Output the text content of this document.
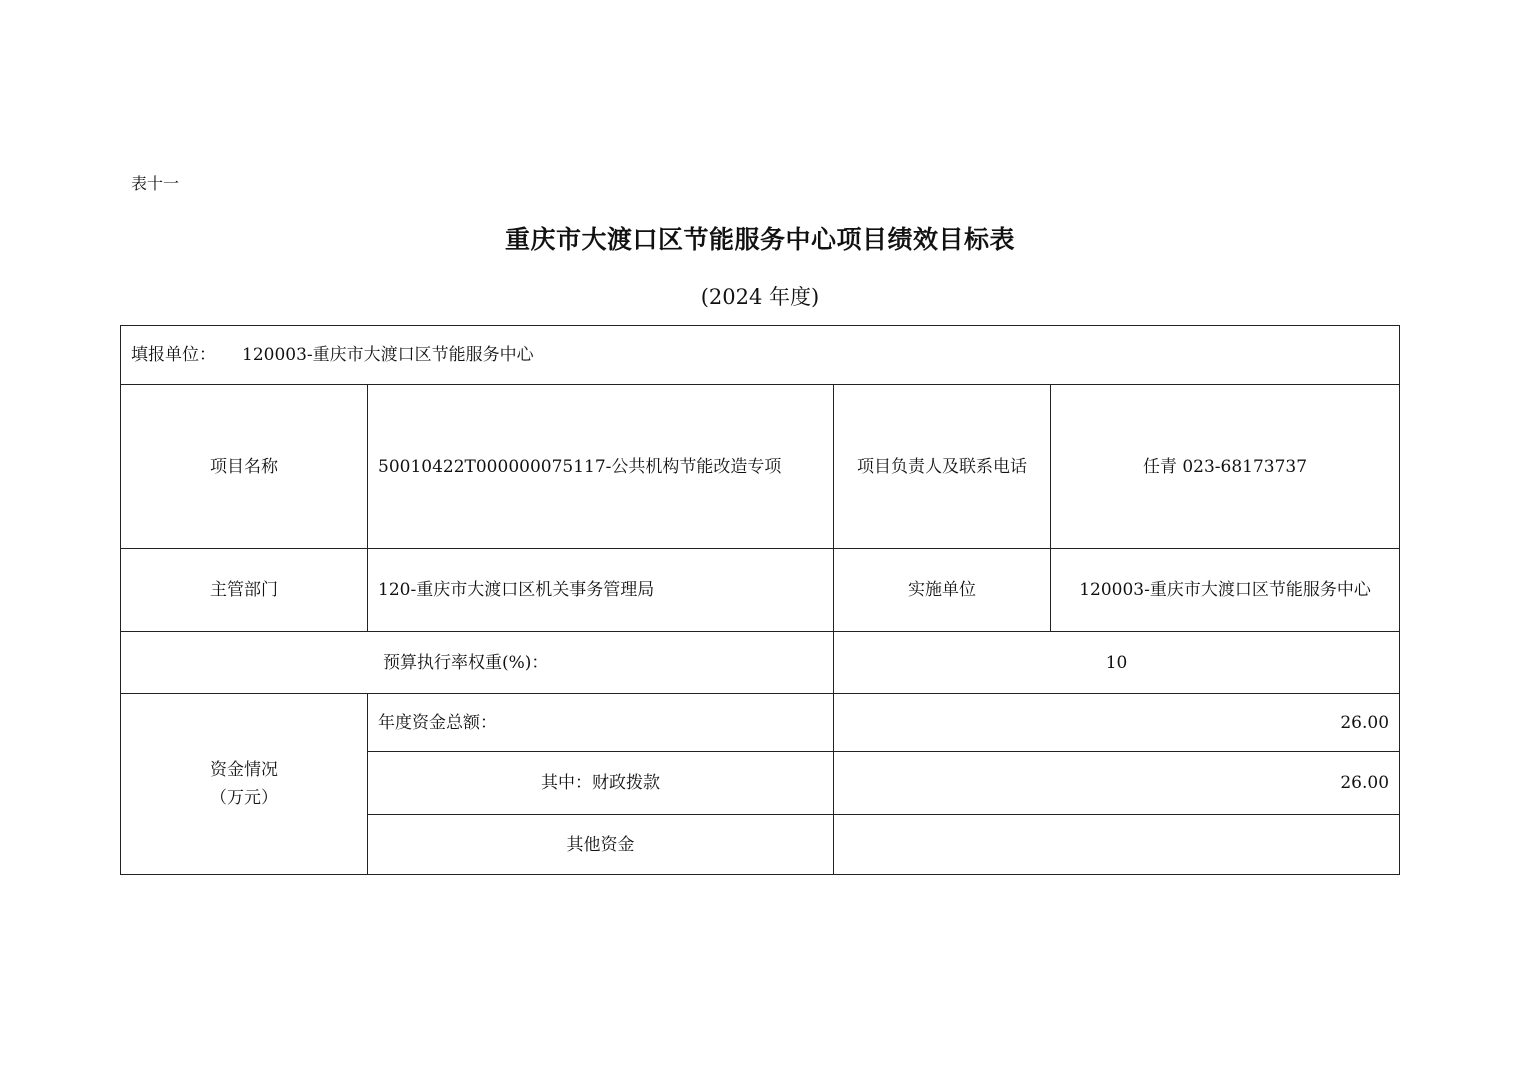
表十一
重庆市大渡口区节能服务中心项目绩效目标表
(2024 年度)
填报单位： 120003-重庆市大渡口区节能服务中心			
项目名称	50010422T000000075117-公共机构节能改造专项	项目负责人及联系电话	任青 023-68173737
主管部门	120-重庆市大渡口区机关事务管理局	实施单位	120003-重庆市大渡口区节能服务中心
预算执行率权重(%)：		10	

资金情况
（万元）	年度资金总额：	26.00	
	其中：财政拨款	26.00	
	其他资金		
